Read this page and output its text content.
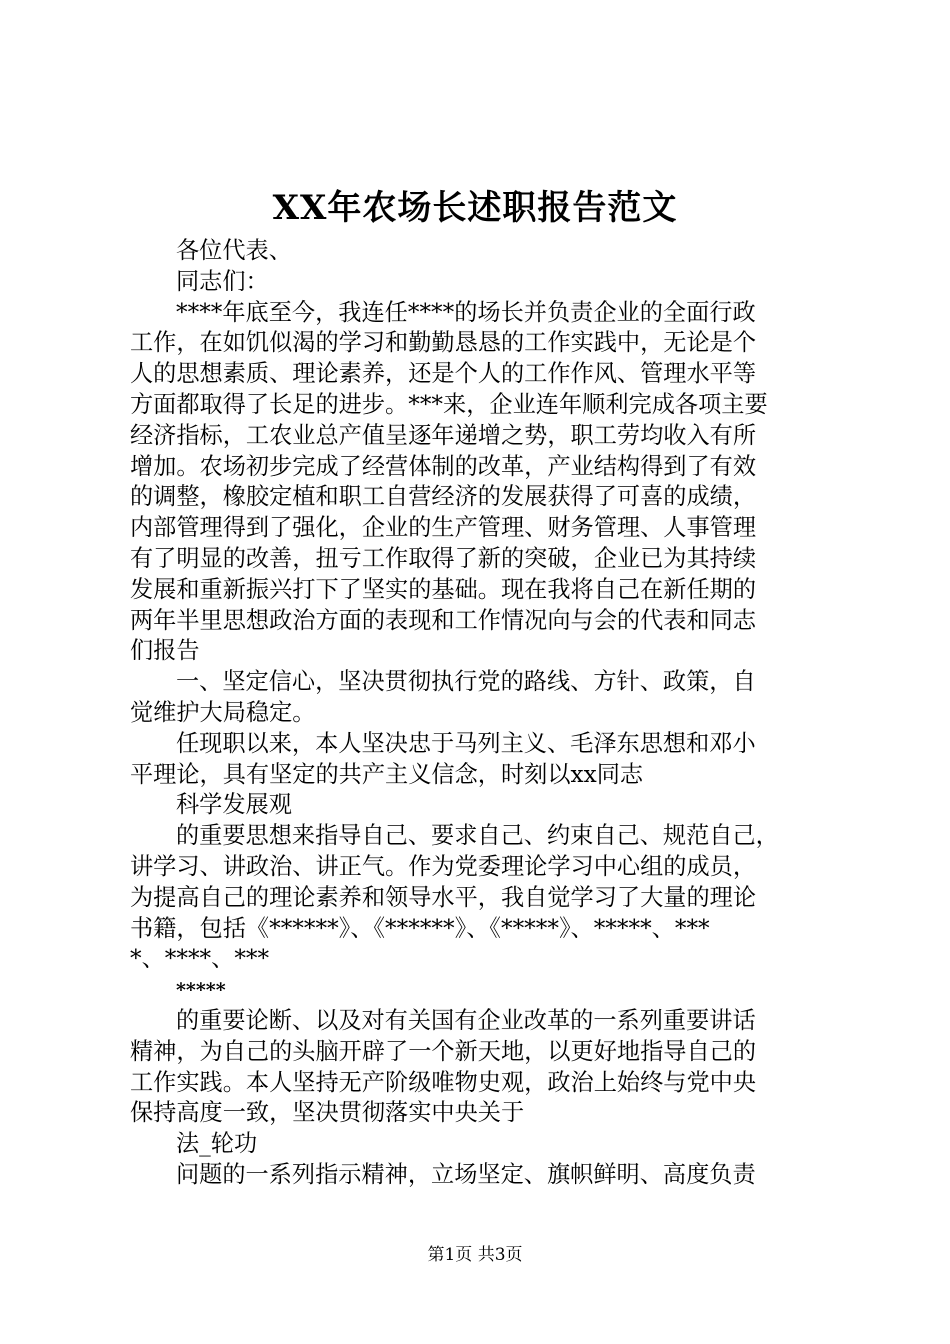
XX年农场长述职报告范文
各位代表、
同志们：
****年底至今，我连任****的场长并负责企业的全面行政
工作，在如饥似渴的学习和勤勤恳恳的工作实践中，无论是个
人的思想素质、理论素养，还是个人的工作作风、管理水平等
方面都取得了长足的进步。***来，企业连年顺利完成各项主要
经济指标，工农业总产值呈逐年递增之势，职工劳均收入有所
增加。农场初步完成了经营体制的改革，产业结构得到了有效
的调整，橡胶定植和职工自营经济的发展获得了可喜的成绩，
内部管理得到了强化，企业的生产管理、财务管理、人事管理
有了明显的改善，扭亏工作取得了新的突破，企业已为其持续
发展和重新振兴打下了坚实的基础。现在我将自己在新任期的
两年半里思想政治方面的表现和工作情况向与会的代表和同志
们报告
一、坚定信心，坚决贯彻执行党的路线、方针、政策，自
觉维护大局稳定。
任现职以来，本人坚决忠于马列主义、毛泽东思想和邓小
平理论，具有坚定的共产主义信念，时刻以xx同志
科学发展观
的重要思想来指导自己、要求自己、约束自己、规范自己，
讲学习、讲政治、讲正气。作为党委理论学习中心组的成员，
为提高自己的理论素养和领导水平，我自觉学习了大量的理论
书籍，包括《******》、《******》、《*****》、*****、***
*、****、***
*****
的重要论断、以及对有关国有企业改革的一系列重要讲话
精神，为自己的头脑开辟了一个新天地，以更好地指导自己的
工作实践。本人坚持无产阶级唯物史观，政治上始终与党中央
保持高度一致，坚决贯彻落实中央关于
法_轮功
问题的一系列指示精神，立场坚定、旗帜鲜明、高度负责
第1页 共3页
